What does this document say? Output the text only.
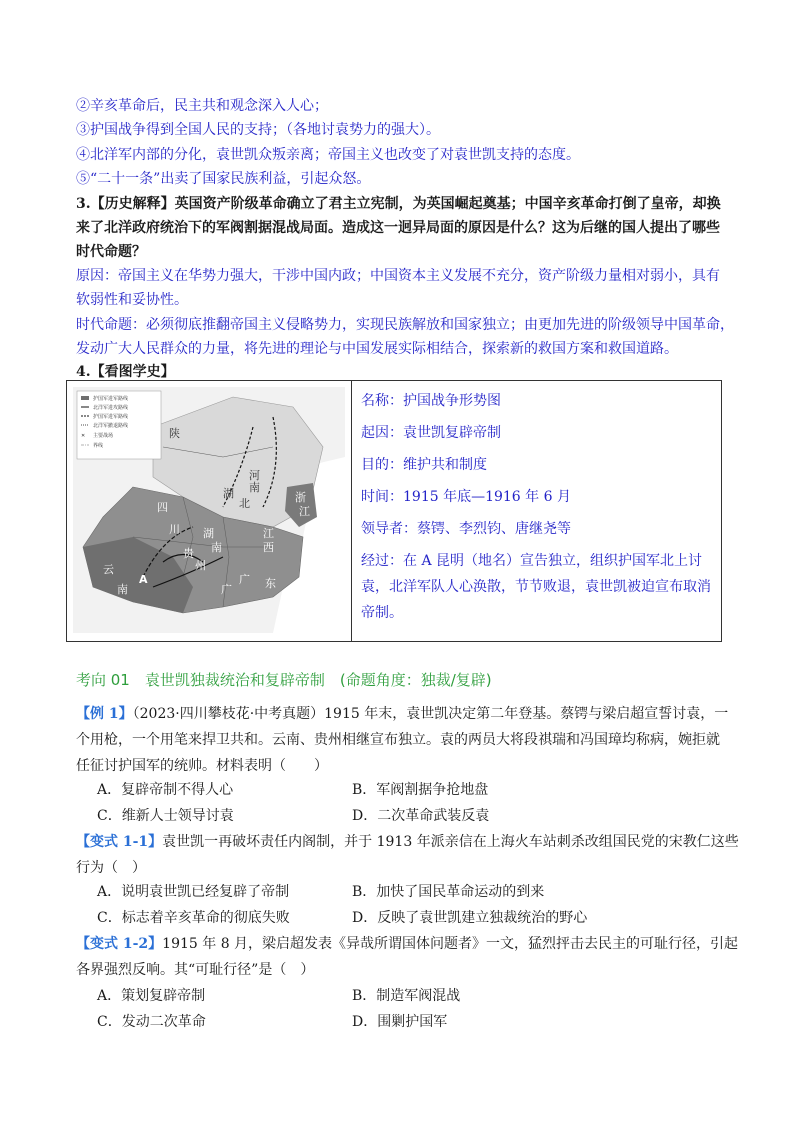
②辛亥革命后，民主共和观念深入人心；
③护国战争得到全国人民的支持；（各地讨袁势力的强大）。
④北洋军内部的分化，袁世凯众叛亲离；帝国主义也改变了对袁世凯支持的态度。
⑤“二十一条”出卖了国家民族利益，引起众怒。
3.【历史解释】英国资产阶级革命确立了君主立宪制，为英国崛起奠基；中国辛亥革命打倒了皇帝，却换
来了北洋政府统治下的军阀割据混战局面。造成这一迥异局面的原因是什么？这为后继的国人提出了哪些
时代命题？
原因：帝国主义在华势力强大，干涉中国内政；中国资本主义发展不充分，资产阶级力量相对弱小，具有
软弱性和妥协性。
时代命题：必须彻底推翻帝国主义侵略势力，实现民族解放和国家独立；由更加先进的阶级领导中国革命，
发动广大人民群众的力量，将先进的理论与中国发展实际相结合，探索新的救国方案和救国道路。
4.【看图学史】
陕
河
南
湖
北
四
湖
南
浙
江
川
贵
州
江
西
广 东
云
南	广
A
护国军进军路线
北洋军进攻路线
护国军进军路线
北洋军撤退路线
✕ 主要战场
界线
名称：护国战争形势图
起因：袁世凯复辟帝制
目的：维护共和制度
时间：1915 年底—1916 年 6 月
领导者：蔡锷、李烈钧、唐继尧等
经过：在 A 昆明（地名）宣告独立，组织护国军北上讨
袁，北洋军队人心涣散，节节败退，袁世凯被迫宣布取消
帝制。
考向 01　袁世凯独裁统治和复辟帝制　(命题角度：独裁/复辟)
【例 1】（2023·四川攀枝花·中考真题）1915 年末，袁世凯决定第二年登基。蔡锷与梁启超宣誓讨袁，一
个用枪，一个用笔来捍卫共和。云南、贵州相继宣布独立。袁的两员大将段祺瑞和冯国璋均称病，婉拒就
任征讨护国军的统帅。材料表明（　　）
A．复辟帝制不得人心	B．军阀割据争抢地盘
C．维新人士领导讨袁	D．二次革命武装反袁
【变式 1-1】袁世凯一再破坏责任内阁制，并于 1913 年派亲信在上海火车站刺杀改组国民党的宋教仁这些
行为（　）
A．说明袁世凯已经复辟了帝制	B．加快了国民革命运动的到来
C．标志着辛亥革命的彻底失败	D．反映了袁世凯建立独裁统治的野心
【变式 1-2】1915 年 8 月，梁启超发表《异哉所谓国体问题者》一文，猛烈抨击去民主的可耻行径，引起
各界强烈反响。其“可耻行径”是（　）
A．策划复辟帝制	B．制造军阀混战
C．发动二次革命	D．围剿护国军
